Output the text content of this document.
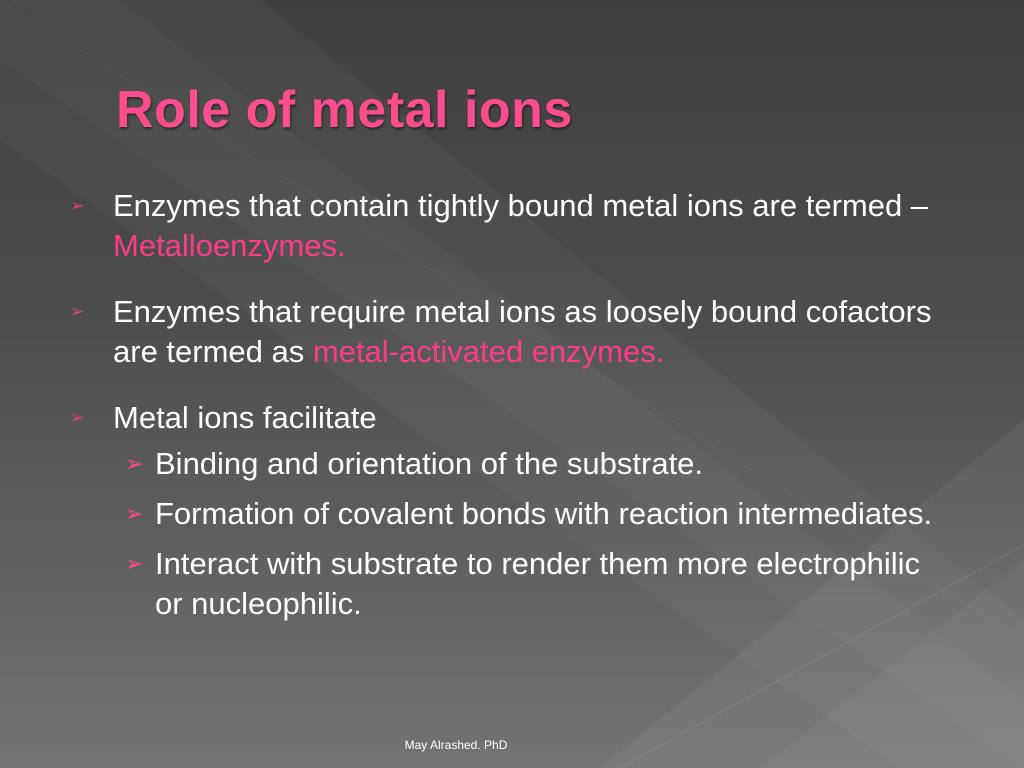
Role of metal ions
➢ Enzymes that contain tightly bound metal ions are termed – Metalloenzymes.
➢ Enzymes that require metal ions as loosely bound cofactors are termed as metal-activated enzymes.
➢ Metal ions facilitate
➢ Binding and orientation of the substrate.
➢ Formation of covalent bonds with reaction intermediates.
➢ Interact with substrate to render them more electrophilic or nucleophilic.
May Alrashed. PhD
